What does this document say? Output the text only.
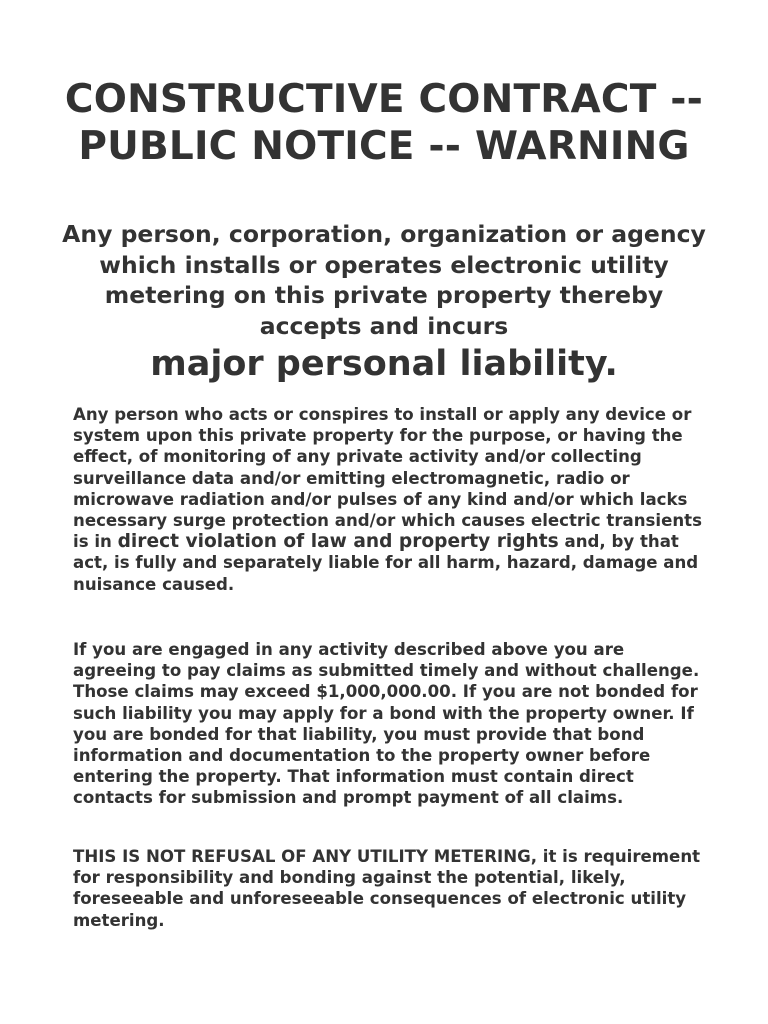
CONSTRUCTIVE CONTRACT -- PUBLIC NOTICE -- WARNING

Any person, corporation, organization or agency which installs or operates electronic utility metering on this private property thereby accepts and incurs

major personal liability.

Any person who acts or conspires to install or apply any device or system upon this private property for the purpose, or having the effect, of monitoring of any private activity and/or collecting surveillance data and/or emitting electromagnetic, radio or microwave radiation and/or pulses of any kind and/or which lacks necessary surge protection and/or which causes electric transients is in direct violation of law and property rights and, by that act, is fully and separately liable for all harm, hazard, damage and nuisance caused.

If you are engaged in any activity described above you are agreeing to pay claims as submitted timely and without challenge. Those claims may exceed $1,000,000.00. If you are not bonded for such liability you may apply for a bond with the property owner. If you are bonded for that liability, you must provide that bond information and documentation to the property owner before entering the property. That information must contain direct contacts for submission and prompt payment of all claims.

THIS IS NOT REFUSAL OF ANY UTILITY METERING, it is requirement for responsibility and bonding against the potential, likely, foreseeable and unforeseeable consequences of electronic utility metering.
